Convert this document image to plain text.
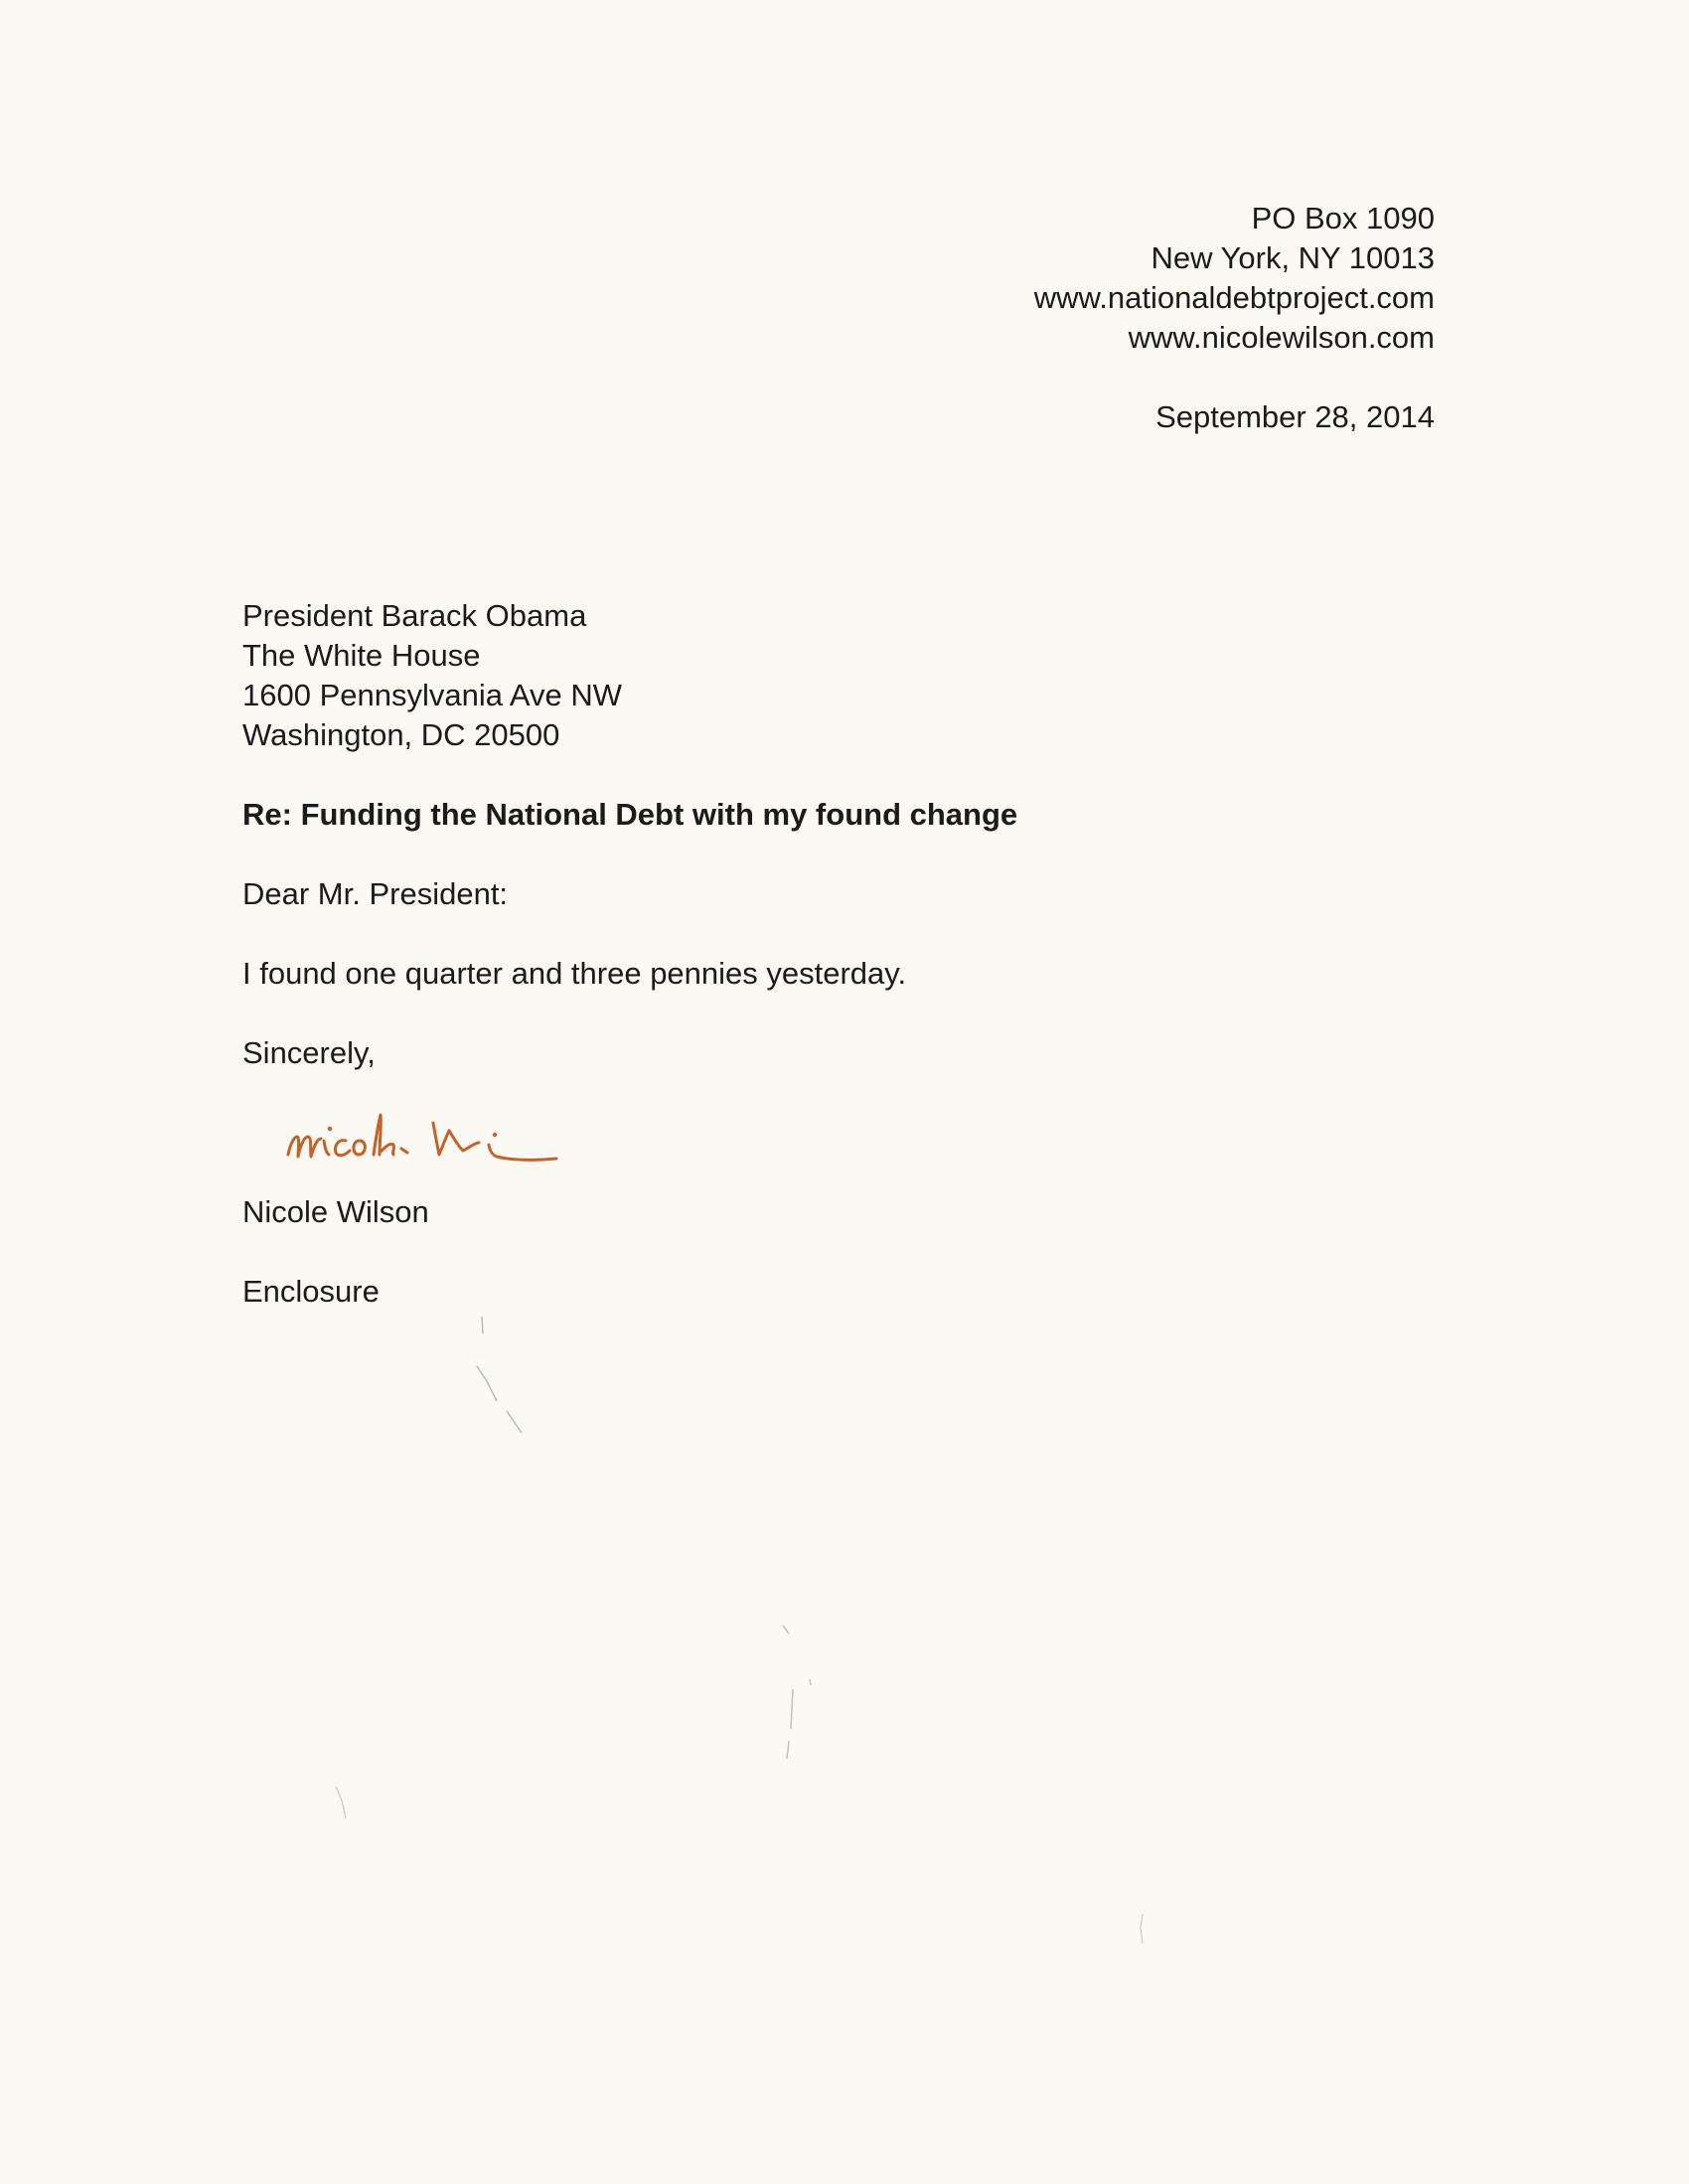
PO Box 1090
New York, NY 10013
www.nationaldebtproject.com
www.nicolewilson.com
September 28, 2014
President Barack Obama
The White House
1600 Pennsylvania Ave NW
Washington, DC 20500
Re: Funding the National Debt with my found change
Dear Mr. President:
I found one quarter and three pennies yesterday.
Sincerely,
Nicole Wilson
Enclosure
